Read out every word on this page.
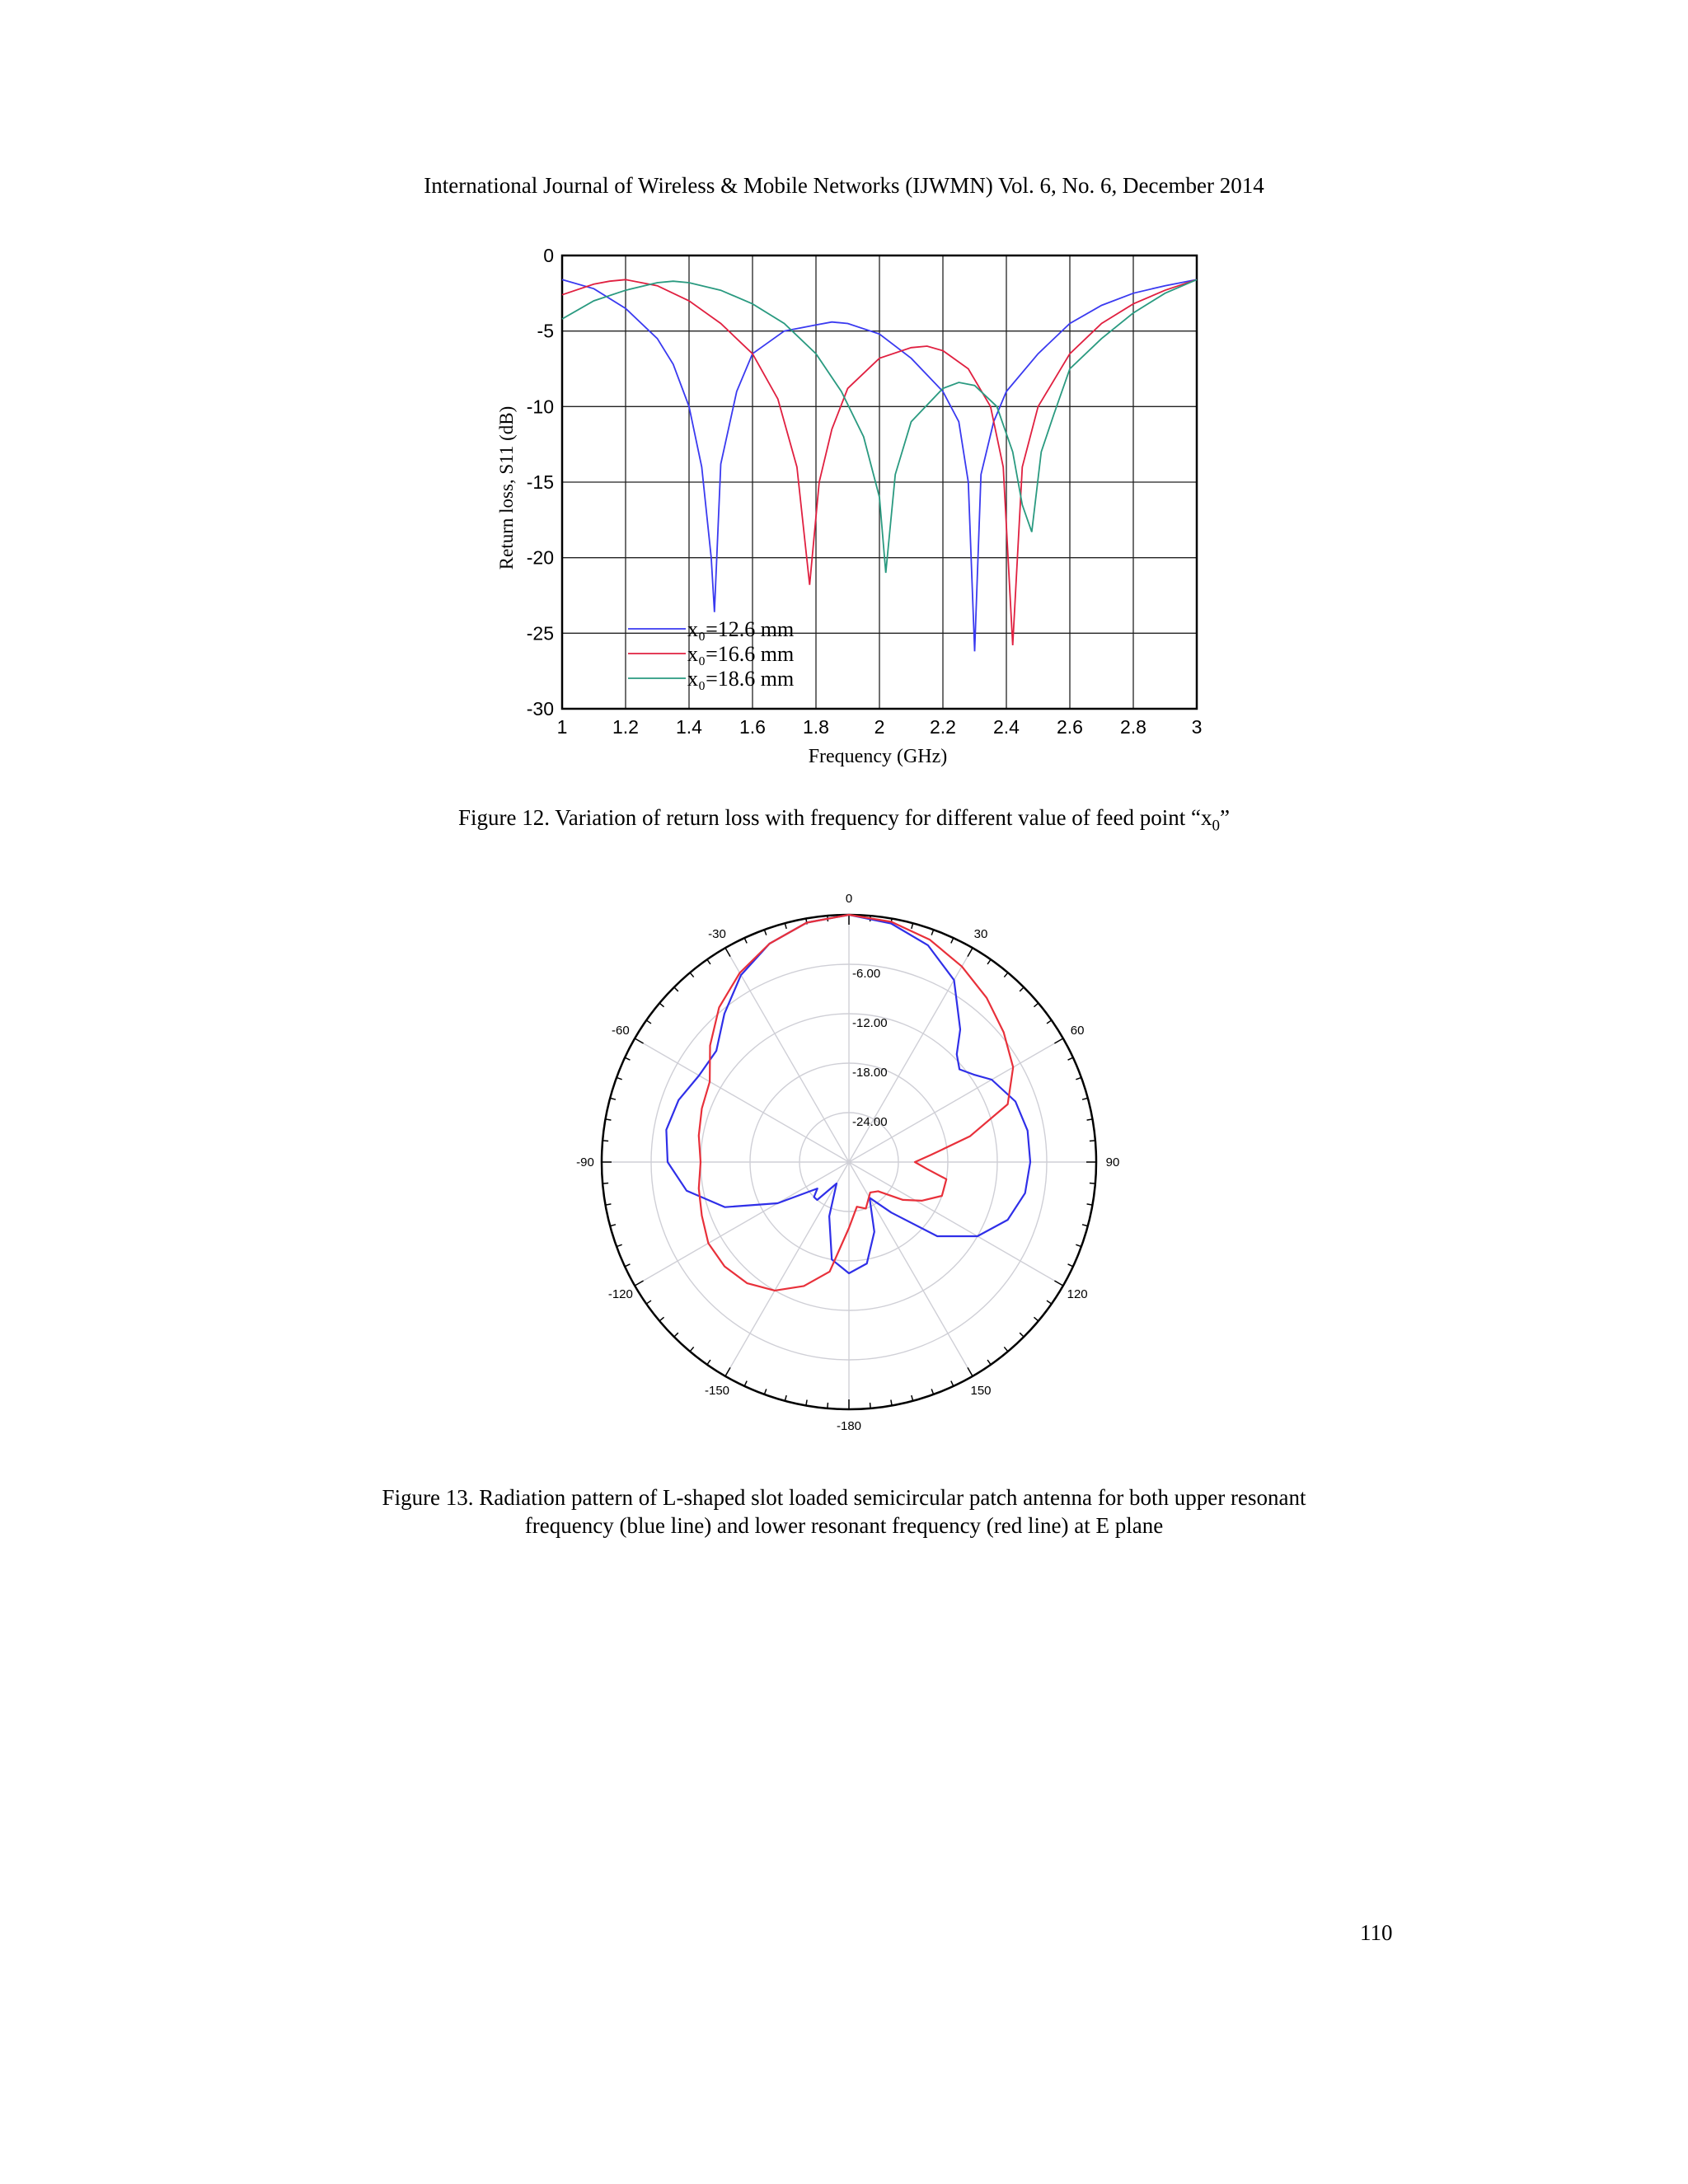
International Journal of Wireless & Mobile Networks (IJWMN) Vol. 6, No. 6, December 2014
1 1.2 1.4 1.6 1.8 2 2.2 2.4 2.6 2.8 3
0
-5
-10
-15
-20
-25
-30
x₀=12.6 mm
x₀=16.6 mm
x₀=18.6 mm
Frequency (GHz)
Return loss, S11 (dB)
Figure 12. Variation of return loss with frequency for different value of feed point “$x_0$”
0
30
60
90
120
150
-180
-150
-120
-90
-60
-30
-6.00
-12.00
-18.00
-24.00
Figure 13. Radiation pattern of L-shaped slot loaded semicircular patch antenna for both upper resonant
frequency (blue line) and lower resonant frequency (red line) at E plane
110
